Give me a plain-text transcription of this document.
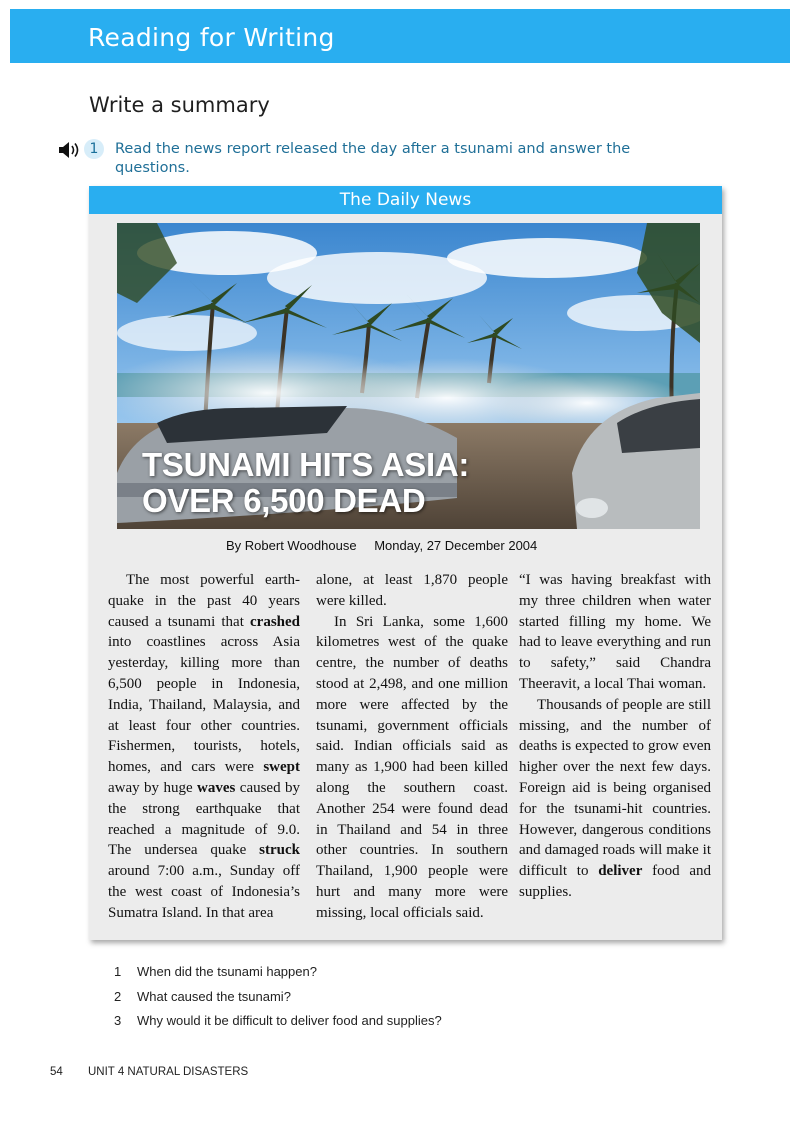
Reading for Writing
Write a summary
1	Read the news report released the day after a tsunami and answer the questions.
The Daily News
TSUNAMI HITS ASIA:
OVER 6,500 DEAD
By Robert Woodhouse Monday, 27 December 2004

The most powerful earth-quake in the past 40 years caused a tsunami that crashed into coastlines across Asia yesterday, killing more than 6,500 people in Indonesia, India, Thailand, Malaysia, and at least four other countries. Fishermen, tourists, hotels, homes, and cars were swept away by huge waves caused by the strong earthquake that reached a magnitude of 9.0. The undersea quake struck around 7:00 a.m., Sunday off the west coast of Indonesia’s Sumatra Island. In that area

alone, at least 1,870 people were killed.

In Sri Lanka, some 1,600 kilometres west of the quake centre, the number of deaths stood at 2,498, and one million more were affected by the tsunami, government officials said. Indian officials said as many as 1,900 had been killed along the southern coast. Another 254 were found dead in Thailand and 54 in three other countries. In southern Thailand, 1,900 people were hurt and many more were missing, local officials said.

“I was having breakfast with my three children when water started filling my home. We had to leave everything and run to safety,” said Chandra Theeravit, a local Thai woman.

Thousands of people are still missing, and the number of deaths is expected to grow even higher over the next few days. Foreign aid is being organised for the tsunami-hit countries. However, dangerous conditions and damaged roads will make it difficult to deliver food and supplies.

1	When did the tsunami happen?
2	What caused the tsunami?
3	Why would it be difficult to deliver food and supplies?
54 UNIT 4 NATURAL DISASTERS
